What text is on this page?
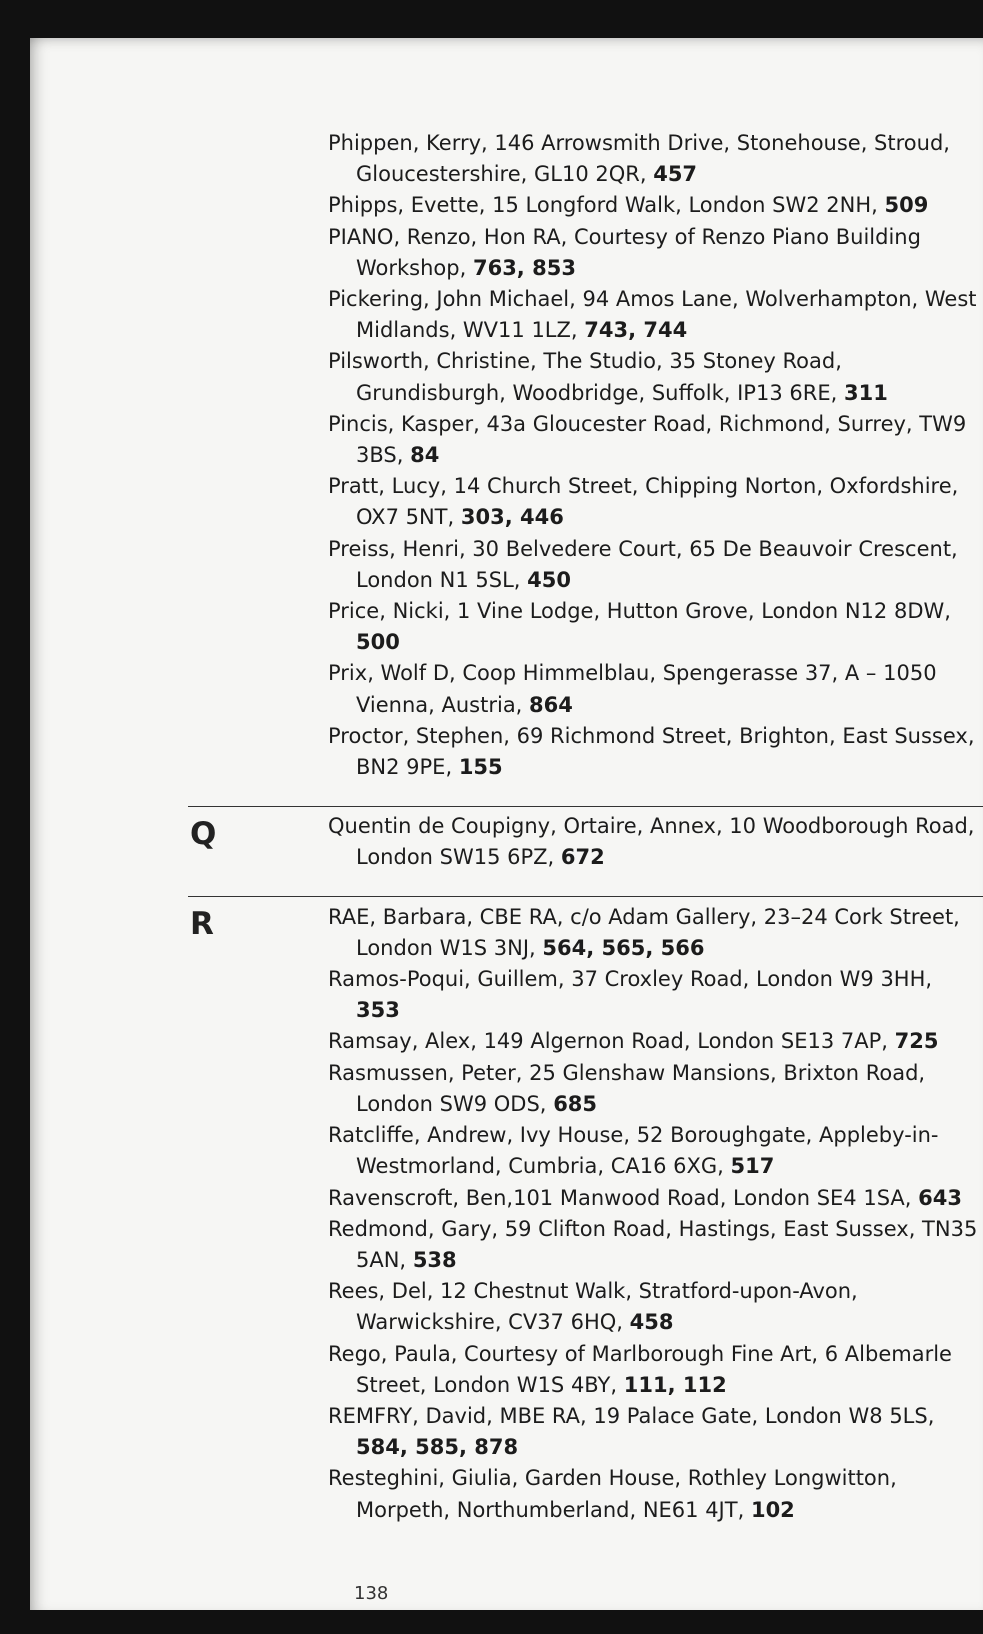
Phippen, Kerry, 146 Arrowsmith Drive, Stonehouse, Stroud, Gloucestershire, GL10 2QR, 457

Phipps, Evette, 15 Longford Walk, London SW2 2NH, 509

PIANO, Renzo, Hon RA, Courtesy of Renzo Piano Building Workshop, 763, 853

Pickering, John Michael, 94 Amos Lane, Wolverhampton, West Midlands, WV11 1LZ, 743, 744

Pilsworth, Christine, The Studio, 35 Stoney Road, Grundisburgh, Woodbridge, Suffolk, IP13 6RE, 311

Pincis, Kasper, 43a Gloucester Road, Richmond, Surrey, TW9 3BS, 84

Pratt, Lucy, 14 Church Street, Chipping Norton, Oxfordshire, OX7 5NT, 303, 446

Preiss, Henri, 30 Belvedere Court, 65 De Beauvoir Crescent, London N1 5SL, 450

Price, Nicki, 1 Vine Lodge, Hutton Grove, London N12 8DW, 500

Prix, Wolf D, Coop Himmelblau, Spengerasse 37, A – 1050 Vienna, Austria, 864

Proctor, Stephen, 69 Richmond Street, Brighton, East Sussex, BN2 9PE, 155

Quentin de Coupigny, Ortaire, Annex, 10 Woodborough Road, London SW15 6PZ, 672

RAE, Barbara, CBE RA, c/o Adam Gallery, 23–24 Cork Street, London W1S 3NJ, 564, 565, 566

Ramos-Poqui, Guillem, 37 Croxley Road, London W9 3HH, 353

Ramsay, Alex, 149 Algernon Road, London SE13 7AP, 725

Rasmussen, Peter, 25 Glenshaw Mansions, Brixton Road, London SW9 ODS, 685

Ratcliffe, Andrew, Ivy House, 52 Boroughgate, Appleby-in-Westmorland, Cumbria, CA16 6XG, 517

Ravenscroft, Ben,101 Manwood Road, London SE4 1SA, 643

Redmond, Gary, 59 Clifton Road, Hastings, East Sussex, TN35 5AN, 538

Rees, Del, 12 Chestnut Walk, Stratford-upon-Avon, Warwickshire, CV37 6HQ, 458

Rego, Paula, Courtesy of Marlborough Fine Art, 6 Albemarle Street, London W1S 4BY, 111, 112

REMFRY, David, MBE RA, 19 Palace Gate, London W8 5LS, 584, 585, 878

Resteghini, Giulia, Garden House, Rothley Longwitton, Morpeth, Northumberland, NE61 4JT, 102

Q
R
138
